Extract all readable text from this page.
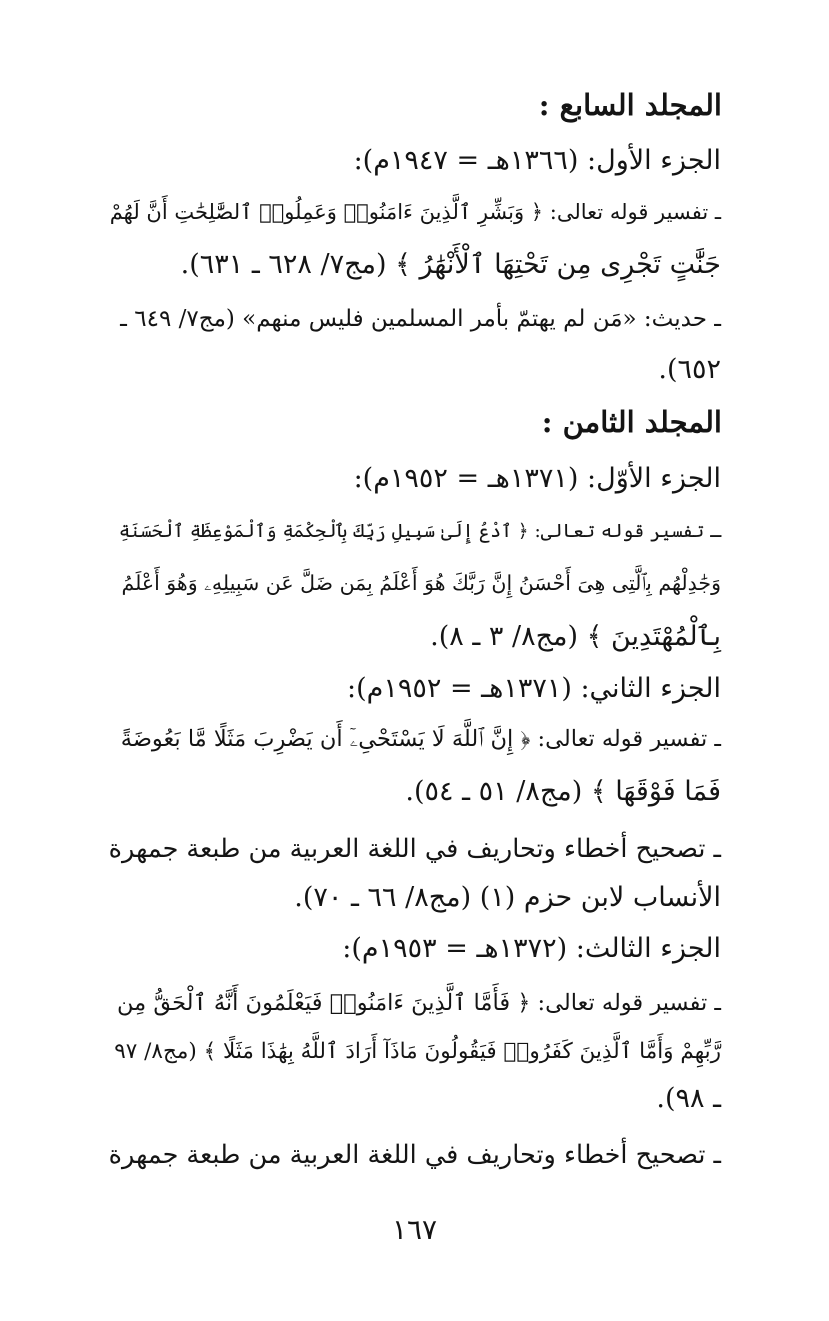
المجلد السابع :
الجزء الأول: (١٣٦٦هـ = ١٩٤٧م):
ـ تفسير قوله تعالى: ﴿ وَبَشِّرِ ٱلَّذِينَ ءَامَنُوا۟ وَعَمِلُوا۟ ٱلصَّٰلِحَٰتِ أَنَّ لَهُمْ
جَنَّٰتٍ تَجْرِى مِن تَحْتِهَا ٱلْأَنْهَٰرُ ﴾ (مج٧/ ٦٢٨ ـ ٦٣١).
ـ حديث: «مَن لم يهتمّ بأمر المسلمين فليس منهم» (مج٧/ ٦٤٩ ـ
٦٥٢).
المجلد الثامن :
الجزء الأوّل: (١٣٧١هـ = ١٩٥٢م):
ـ تفسير قوله تعالى: ﴿ ٱدْعُ إِلَىٰ سَبِيلِ رَبِّكَ بِٱلْحِكْمَةِ وَٱلْمَوْعِظَةِ ٱلْحَسَنَةِ
وَجَٰدِلْهُم بِٱلَّتِى هِىَ أَحْسَنُ إِنَّ رَبَّكَ هُوَ أَعْلَمُ بِمَن ضَلَّ عَن سَبِيلِهِۦ وَهُوَ أَعْلَمُ
بِٱلْمُهْتَدِينَ ﴾ (مج٨/ ٣ ـ ٨).
الجزء الثاني: (١٣٧١هـ = ١٩٥٢م):
ـ تفسير قوله تعالى: ﴿ إِنَّ ٱللَّهَ لَا يَسْتَحْىِۦٓ أَن يَضْرِبَ مَثَلًا مَّا بَعُوضَةً
فَمَا فَوْقَهَا ﴾ (مج٨/ ٥١ ـ ٥٤).
ـ تصحيح أخطاء وتحاريف في اللغة العربية من طبعة جمهرة
الأنساب لابن حزم (١) (مج٨/ ٦٦ ـ ٧٠).
الجزء الثالث: (١٣٧٢هـ = ١٩٥٣م):
ـ تفسير قوله تعالى: ﴿ فَأَمَّا ٱلَّذِينَ ءَامَنُوا۟ فَيَعْلَمُونَ أَنَّهُ ٱلْحَقُّ مِن
رَّبِّهِمْ وَأَمَّا ٱلَّذِينَ كَفَرُوا۟ فَيَقُولُونَ مَاذَآ أَرَادَ ٱللَّهُ بِهَٰذَا مَثَلًا ﴾ (مج٨/ ٩٧
ـ ٩٨).
ـ تصحيح أخطاء وتحاريف في اللغة العربية من طبعة جمهرة
١٦٧
